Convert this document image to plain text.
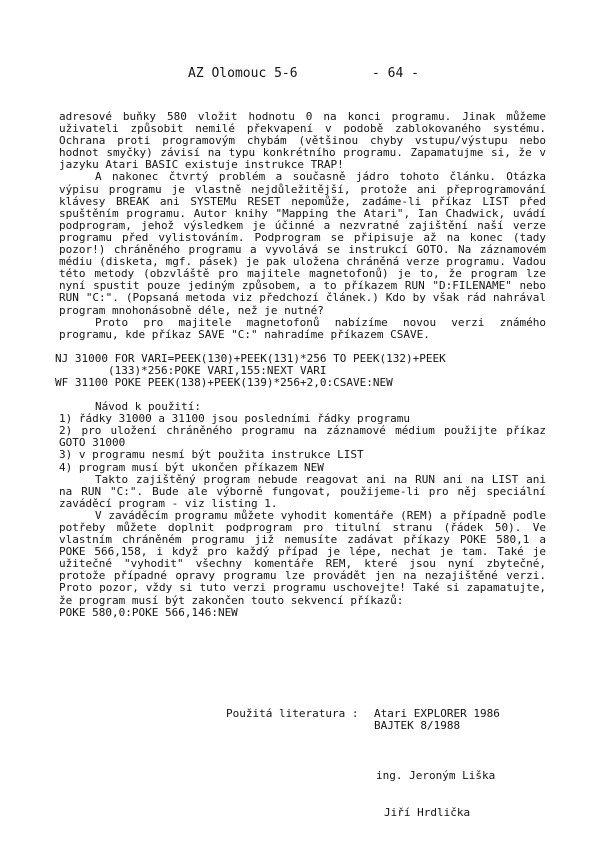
AZ Olomouc 5-6	- 64 -

adresové buňky 580 vložit hodnotu 0 na konci programu. Jinak můžeme uživateli způsobit nemilé překvapení v podobě zablokovaného systému. Ochrana proti programovým chybám (většinou chyby vstupu/výstupu nebo hodnot smyčky) závisí na typu konkrétního programu. Zapamatujme si, že v jazyku Atari BASIC existuje instrukce TRAP!

A nakonec čtvrtý problém a současně jádro tohoto článku. Otázka výpisu programu je vlastně nejdůležitější, protože ani přeprogramování klávesy BREAK ani SYSTEMu RESET nepomůže, zadáme-li příkaz LIST před spuštěním programu. Autor knihy "Mapping the Atari", Ian Chadwick, uvádí podprogram, jehož výsledkem je účinné a nezvratné zajištění naší verze programu před vylistováním. Podprogram se připisuje až na konec (tady pozor!) chráněného programu a vyvolává se instrukcí GOTO. Na záznamovém médiu (disketa, mgf. pásek) je pak uložena chráněná verze programu. Vadou této metody (obzvláště pro majitele magnetofonů) je to, že program lze nyní spustit pouze jediným způsobem, a to příkazem RUN "D:FILENAME" nebo RUN "C:". (Popsaná metoda viz předchozí článek.) Kdo by však rád nahrával program mnohonásobně déle, než je nutné?

Proto pro majitele magnetofonů nabízíme novou verzi známého programu, kde příkaz SAVE "C:" nahradíme příkazem CSAVE.

NJ 31000 FOR VARI=PEEK(130)+PEEK(131)*256 TO PEEK(132)+PEEK
(133)*256:POKE VARI,155:NEXT VARI
WF 31100 POKE PEEK(138)+PEEK(139)*256+2,0:CSAVE:NEW

Návod k použití:

1) řádky 31000 a 31100 jsou posledními řádky programu

2) pro uložení chráněného programu na záznamové médium použijte příkaz GOTO 31000

3) v programu nesmí být použita instrukce LIST

4) program musí být ukončen příkazem NEW

Takto zajištěný program nebude reagovat ani na RUN ani na LIST ani na RUN "C:". Bude ale výborně fungovat, použijeme-li pro něj speciální zaváděcí program - viz listing 1.

V zaváděcím programu můžete vyhodit komentáře (REM) a případně podle potřeby můžete doplnit podprogram pro titulní stranu (řádek 50). Ve vlastním chráněném programu již nemusíte zadávat příkazy POKE 580,1 a POKE 566,158, i když pro každý případ je lépe, nechat je tam. Také je užitečné "vyhodit" všechny komentáře REM, které jsou nyní zbytečné, protože případné opravy programu lze provádět jen na nezajištěné verzi. Proto pozor, vždy si tuto verzi programu uschovejte! Také si zapamatujte, že program musí být zakončen touto sekvencí příkazů:

POKE 580,0:POKE 566,146:NEW
Použitá literatura :	Atari EXPLORER 1986
BAJTEK 8/1988

ing. Jeroným Liška

Jiří Hrdlička
